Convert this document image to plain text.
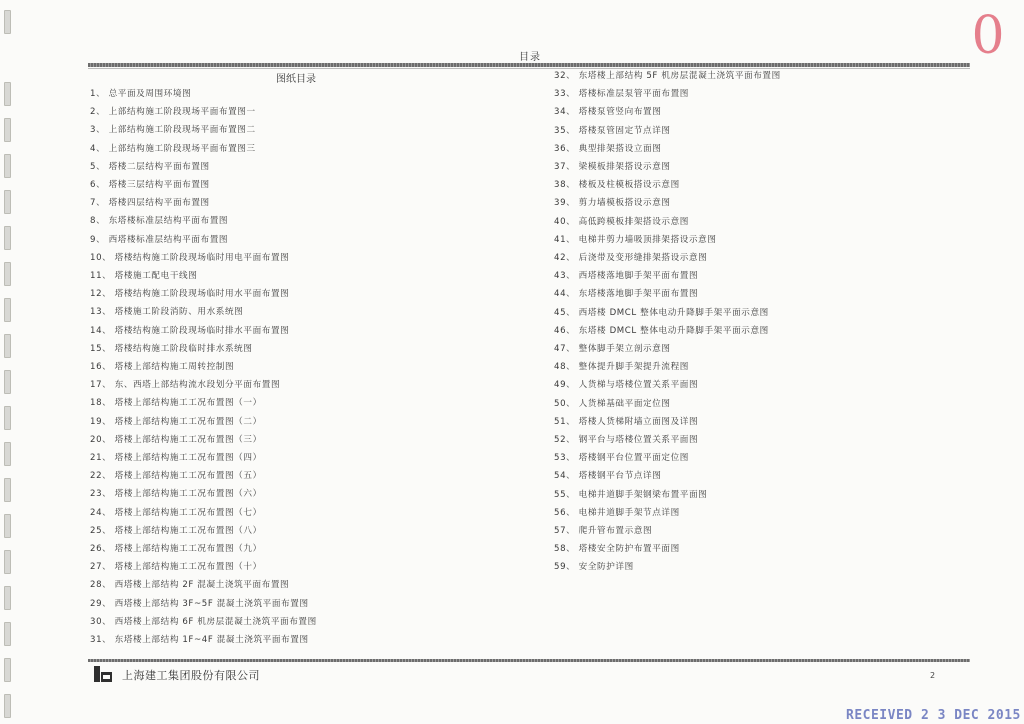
0
目录
图纸目录
1、 总平面及周围环境图
2、 上部结构施工阶段现场平面布置图一
3、 上部结构施工阶段现场平面布置图二
4、 上部结构施工阶段现场平面布置图三
5、 塔楼二层结构平面布置图
6、 塔楼三层结构平面布置图
7、 塔楼四层结构平面布置图
8、 东塔楼标准层结构平面布置图
9、 西塔楼标准层结构平面布置图
10、 塔楼结构施工阶段现场临时用电平面布置图
11、 塔楼施工配电干线图
12、 塔楼结构施工阶段现场临时用水平面布置图
13、 塔楼施工阶段消防、用水系统图
14、 塔楼结构施工阶段现场临时排水平面布置图
15、 塔楼结构施工阶段临时排水系统图
16、 塔楼上部结构施工周转控制图
17、 东、西塔上部结构流水段划分平面布置图
18、 塔楼上部结构施工工况布置图（一）
19、 塔楼上部结构施工工况布置图（二）
20、 塔楼上部结构施工工况布置图（三）
21、 塔楼上部结构施工工况布置图（四）
22、 塔楼上部结构施工工况布置图（五）
23、 塔楼上部结构施工工况布置图（六）
24、 塔楼上部结构施工工况布置图（七）
25、 塔楼上部结构施工工况布置图（八）
26、 塔楼上部结构施工工况布置图（九）
27、 塔楼上部结构施工工况布置图（十）
28、 西塔楼上部结构 2F 混凝土浇筑平面布置图
29、 西塔楼上部结构 3F~5F 混凝土浇筑平面布置图
30、 西塔楼上部结构 6F 机房层混凝土浇筑平面布置图
31、 东塔楼上部结构 1F~4F 混凝土浇筑平面布置图
32、 东塔楼上部结构 5F 机房层混凝土浇筑平面布置图
33、 塔楼标准层泵管平面布置图
34、 塔楼泵管竖向布置图
35、 塔楼泵管固定节点详图
36、 典型排架搭设立面图
37、 梁模板排架搭设示意图
38、 楼板及柱模板搭设示意图
39、 剪力墙模板搭设示意图
40、 高低跨模板排架搭设示意图
41、 电梯井剪力墙吸顶排架搭设示意图
42、 后浇带及变形缝排架搭设示意图
43、 西塔楼落地脚手架平面布置图
44、 东塔楼落地脚手架平面布置图
45、 西塔楼 DMCL 整体电动升降脚手架平面示意图
46、 东塔楼 DMCL 整体电动升降脚手架平面示意图
47、 整体脚手架立剖示意图
48、 整体提升脚手架提升流程图
49、 人货梯与塔楼位置关系平面图
50、 人货梯基础平面定位图
51、 塔楼人货梯附墙立面图及详图
52、 钢平台与塔楼位置关系平面图
53、 塔楼钢平台位置平面定位图
54、 塔楼钢平台节点详图
55、 电梯井道脚手架钢梁布置平面图
56、 电梯井道脚手架节点详图
57、 爬升管布置示意图
58、 塔楼安全防护布置平面图
59、 安全防护详图
上海建工集团股份有限公司	2
RECEIVED 2 3 DEC 2015
